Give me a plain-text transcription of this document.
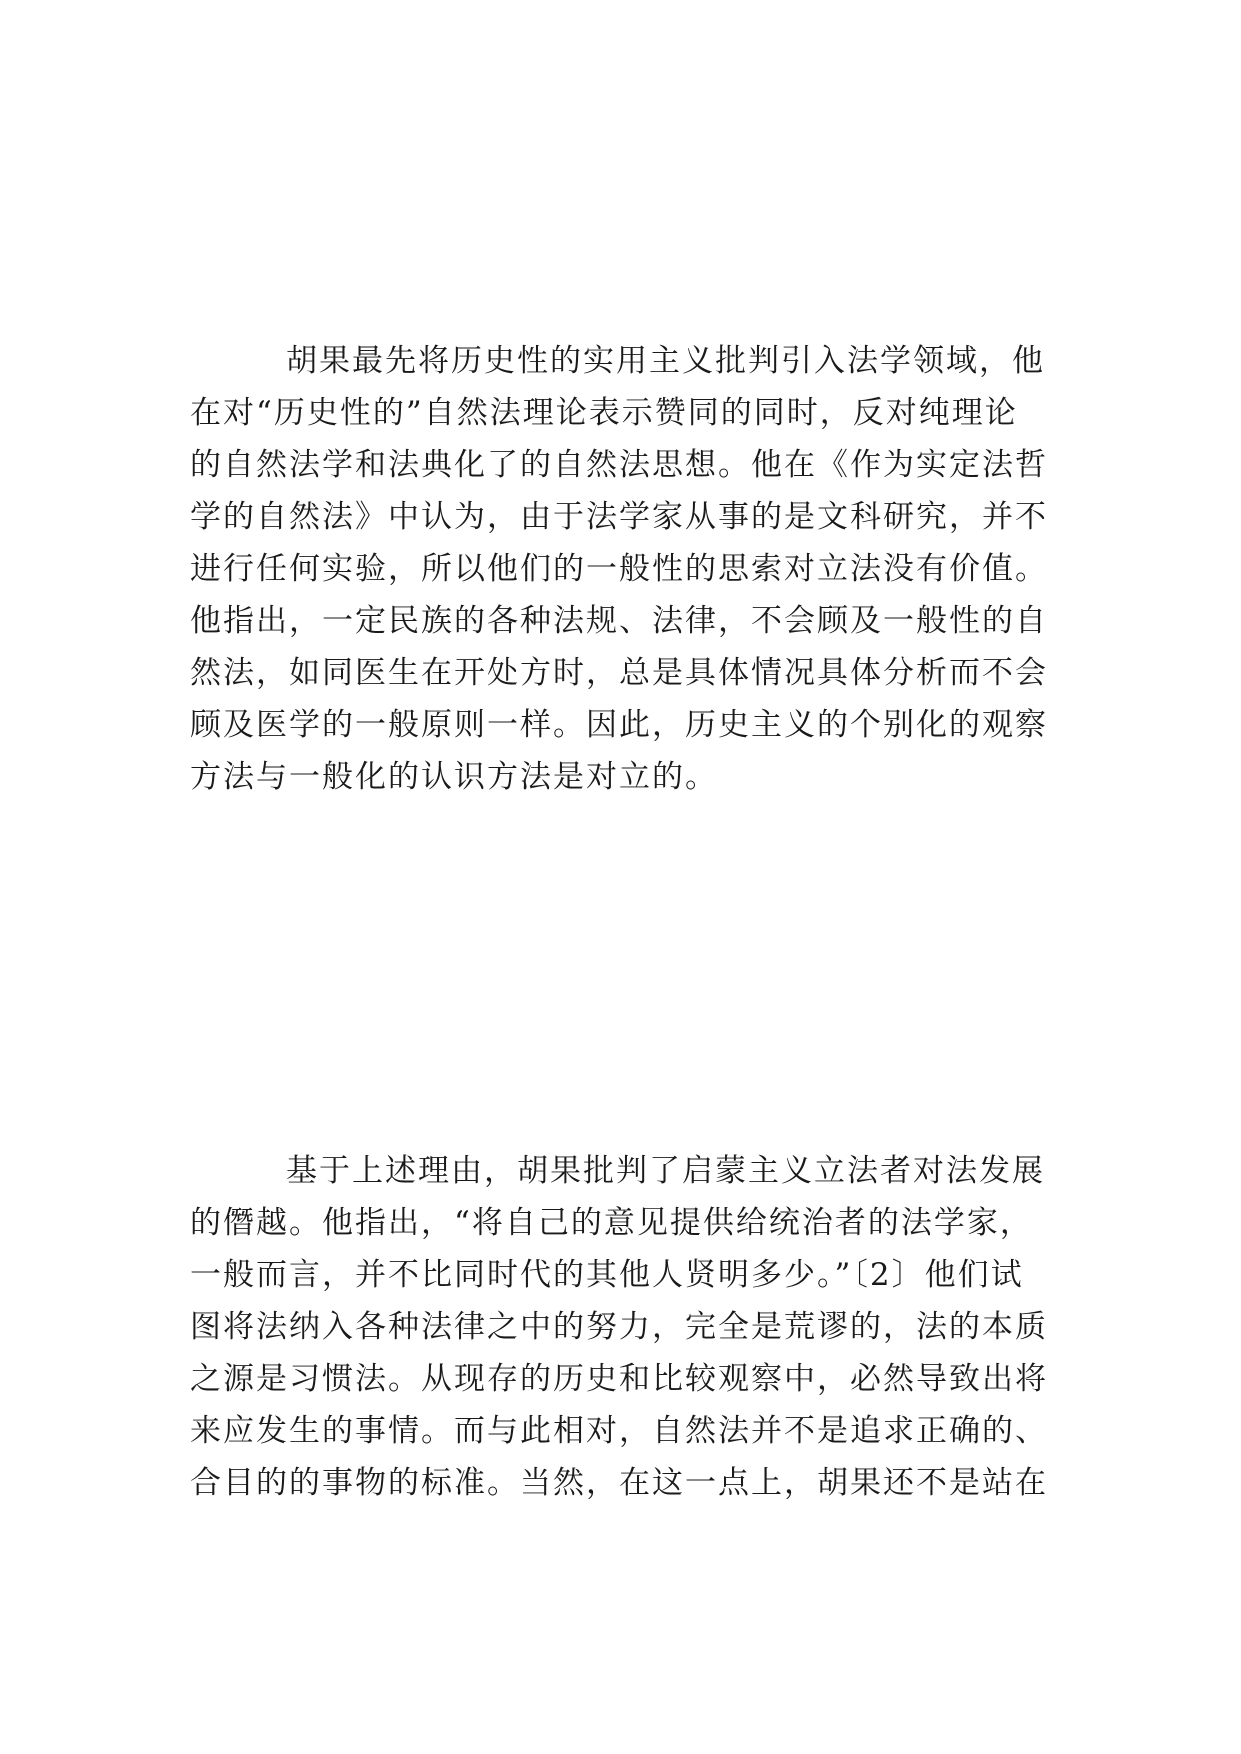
胡果最先将历史性的实用主义批判引入法学领域，他
在对“历史性的”自然法理论表示赞同的同时，反对纯理论
的自然法学和法典化了的自然法思想。他在《作为实定法哲
学的自然法》中认为，由于法学家从事的是文科研究，并不
进行任何实验，所以他们的一般性的思索对立法没有价值。
他指出，一定民族的各种法规、法律，不会顾及一般性的自
然法，如同医生在开处方时，总是具体情况具体分析而不会
顾及医学的一般原则一样。因此，历史主义的个别化的观察
方法与一般化的认识方法是对立的。
基于上述理由，胡果批判了启蒙主义立法者对法发展
的僭越。他指出，“将自己的意见提供给统治者的法学家，
一般而言，并不比同时代的其他人贤明多少。”〔2〕他们试
图将法纳入各种法律之中的努力，完全是荒谬的，法的本质
之源是习惯法。从现存的历史和比较观察中，必然导致出将
来应发生的事情。而与此相对，自然法并不是追求正确的、
合目的的事物的标准。当然，在这一点上，胡果还不是站在
